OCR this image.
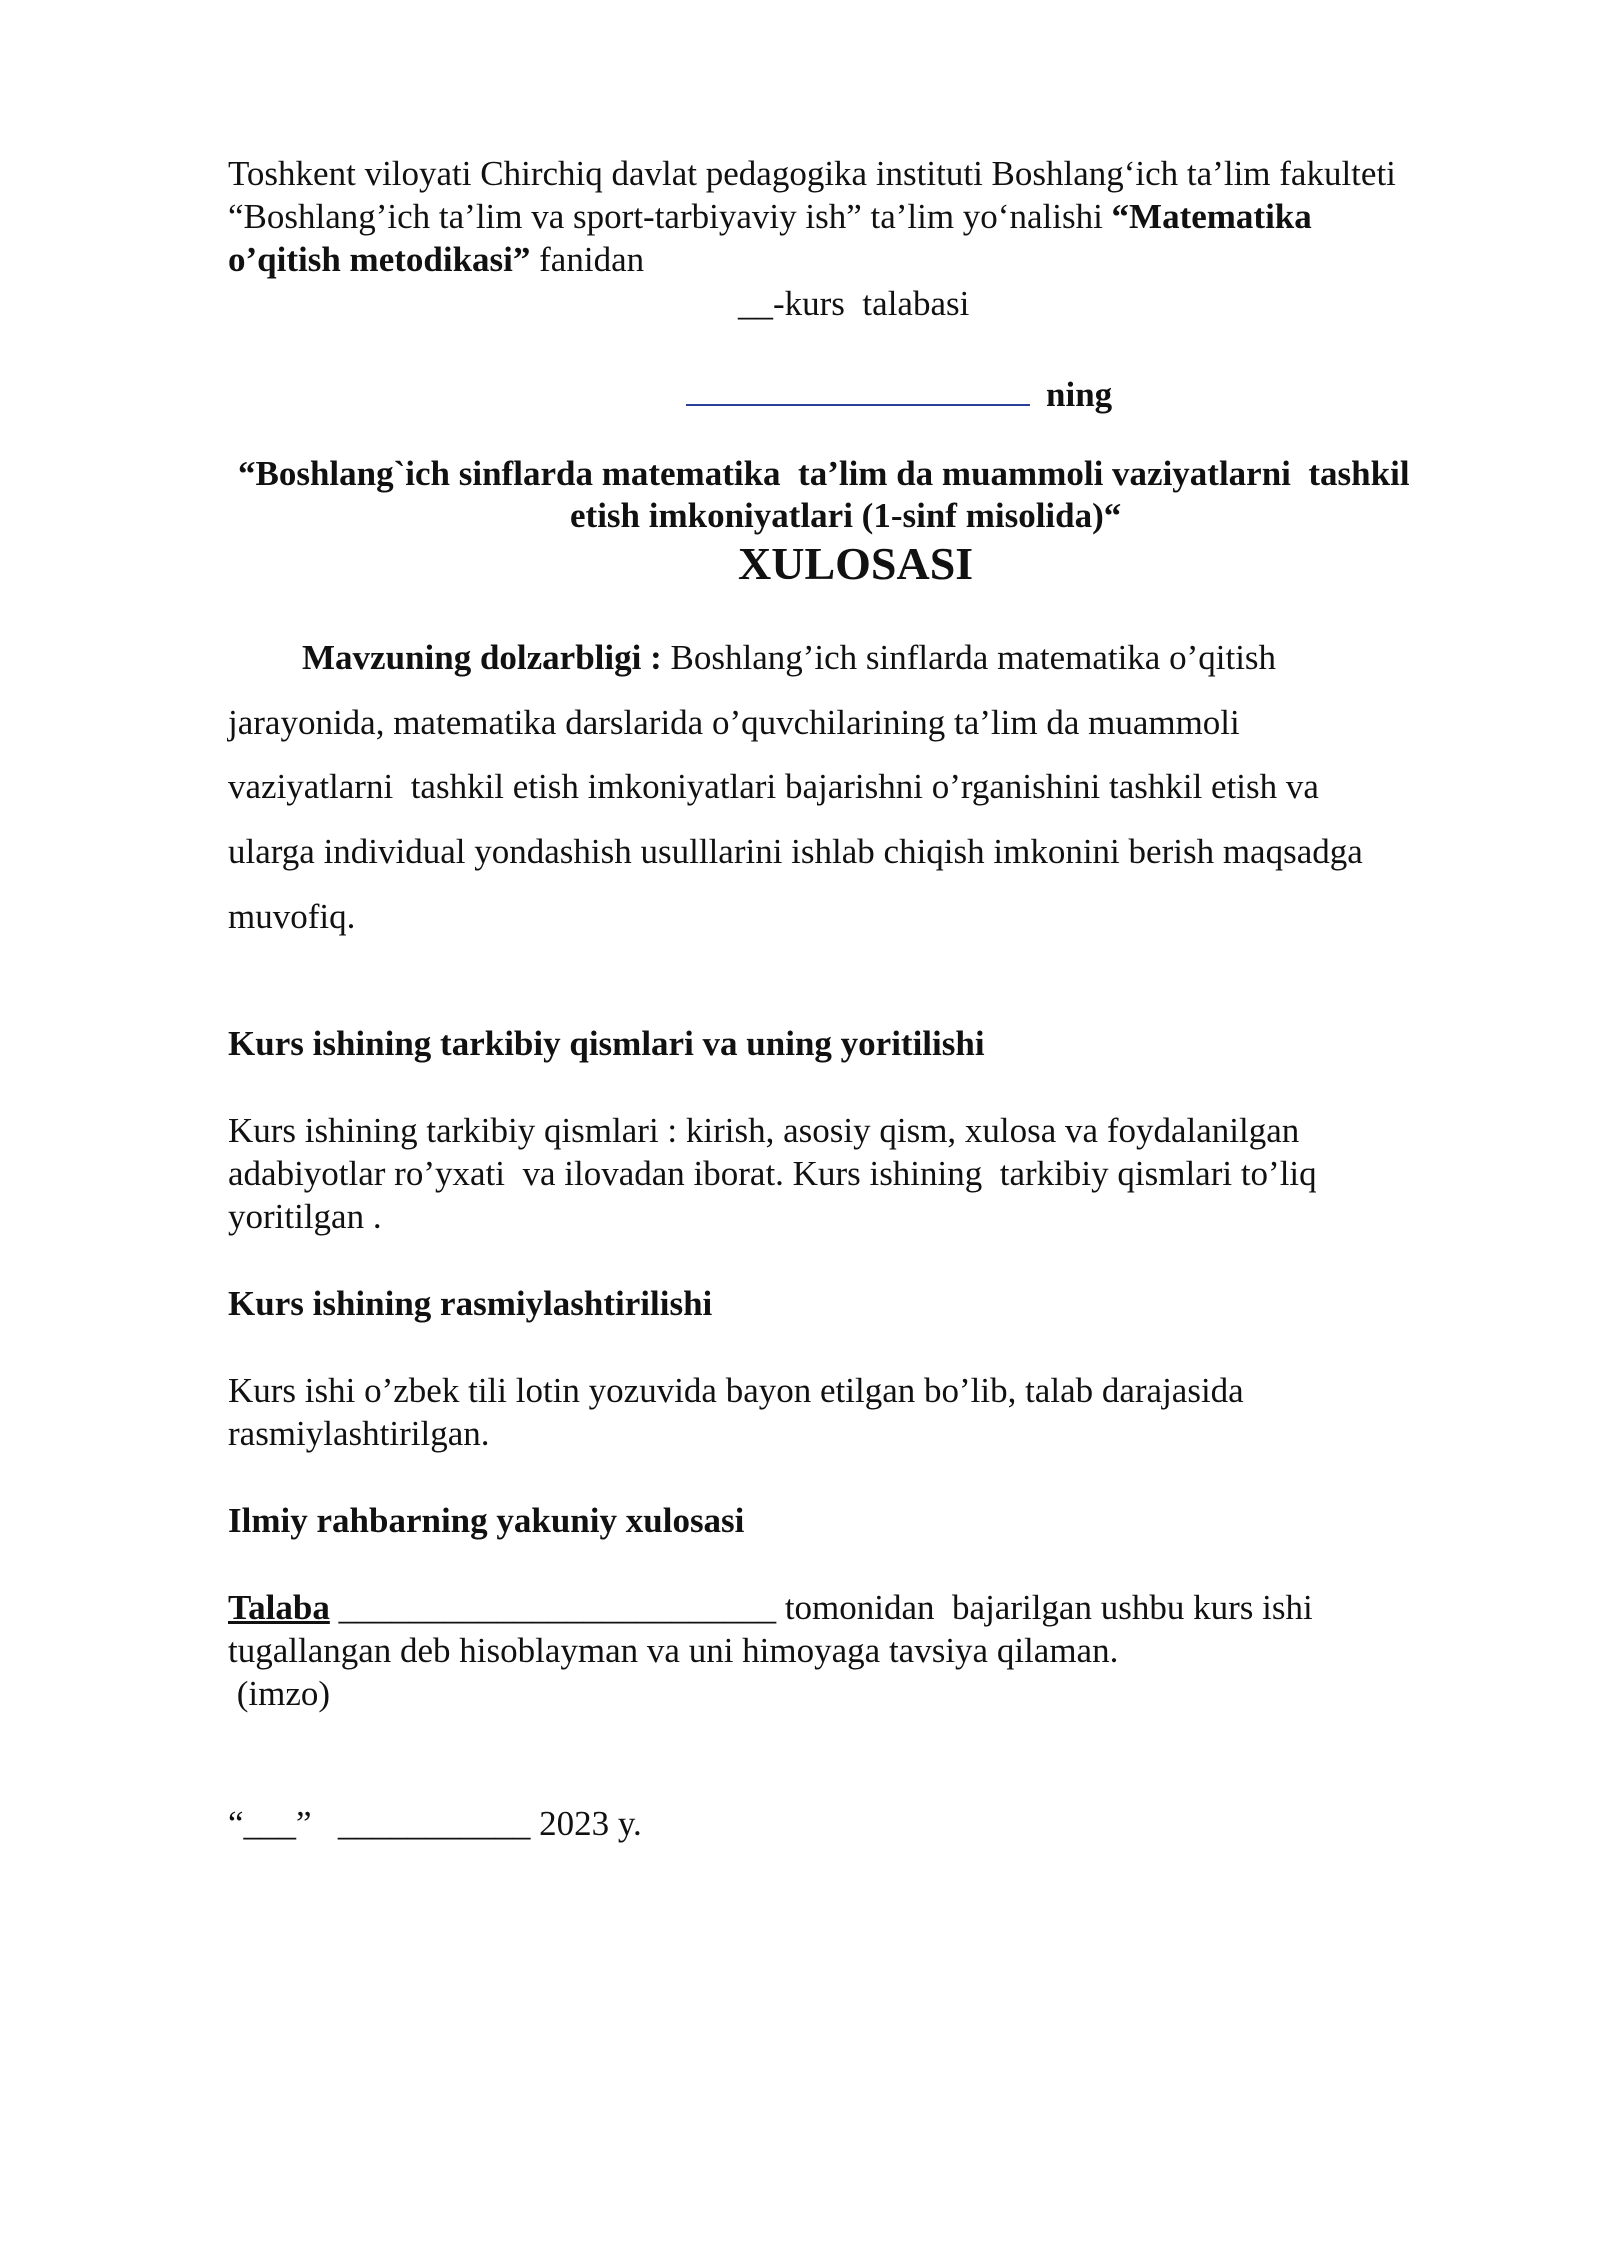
Toshkent viloyati Chirchiq davlat pedagogika instituti Boshlang‘ich ta’lim fakulteti
“Boshlang’ich ta’lim va sport-tarbiyaviy ish” ta’lim yo‘nalishi “Matematika
o’qitish metodikasi” fanidan
__-kurs  talabasi
ning
“Boshlang`ich sinflarda matematika  ta’lim da muammoli vaziyatlarni  tashkil
etish imkoniyatlari (1-sinf misolida)“
XULOSASI
Mavzuning dolzarbligi : Boshlang’ich sinflarda matematika o’qitish
jarayonida, matematika darslarida o’quvchilarining ta’lim da muammoli
vaziyatlarni  tashkil etish imkoniyatlari bajarishni o’rganishini tashkil etish va
ularga individual yondashish usulllarini ishlab chiqish imkonini berish maqsadga
muvofiq.
Kurs ishining tarkibiy qismlari va uning yoritilishi
Kurs ishining tarkibiy qismlari : kirish, asosiy qism, xulosa va foydalanilgan
adabiyotlar ro’yxati  va ilovadan iborat. Kurs ishining  tarkibiy qismlari to’liq
yoritilgan .
Kurs ishining rasmiylashtirilishi
Kurs ishi o’zbek tili lotin yozuvida bayon etilgan bo’lib, talab darajasida
rasmiylashtirilgan.
Ilmiy rahbarning yakuniy xulosasi
Talaba _________________________ tomonidan  bajarilgan ushbu kurs ishi
tugallangan deb hisoblayman va uni himoyaga tavsiya qilaman.
(imzo)
“___”   ___________ 2023 y.
